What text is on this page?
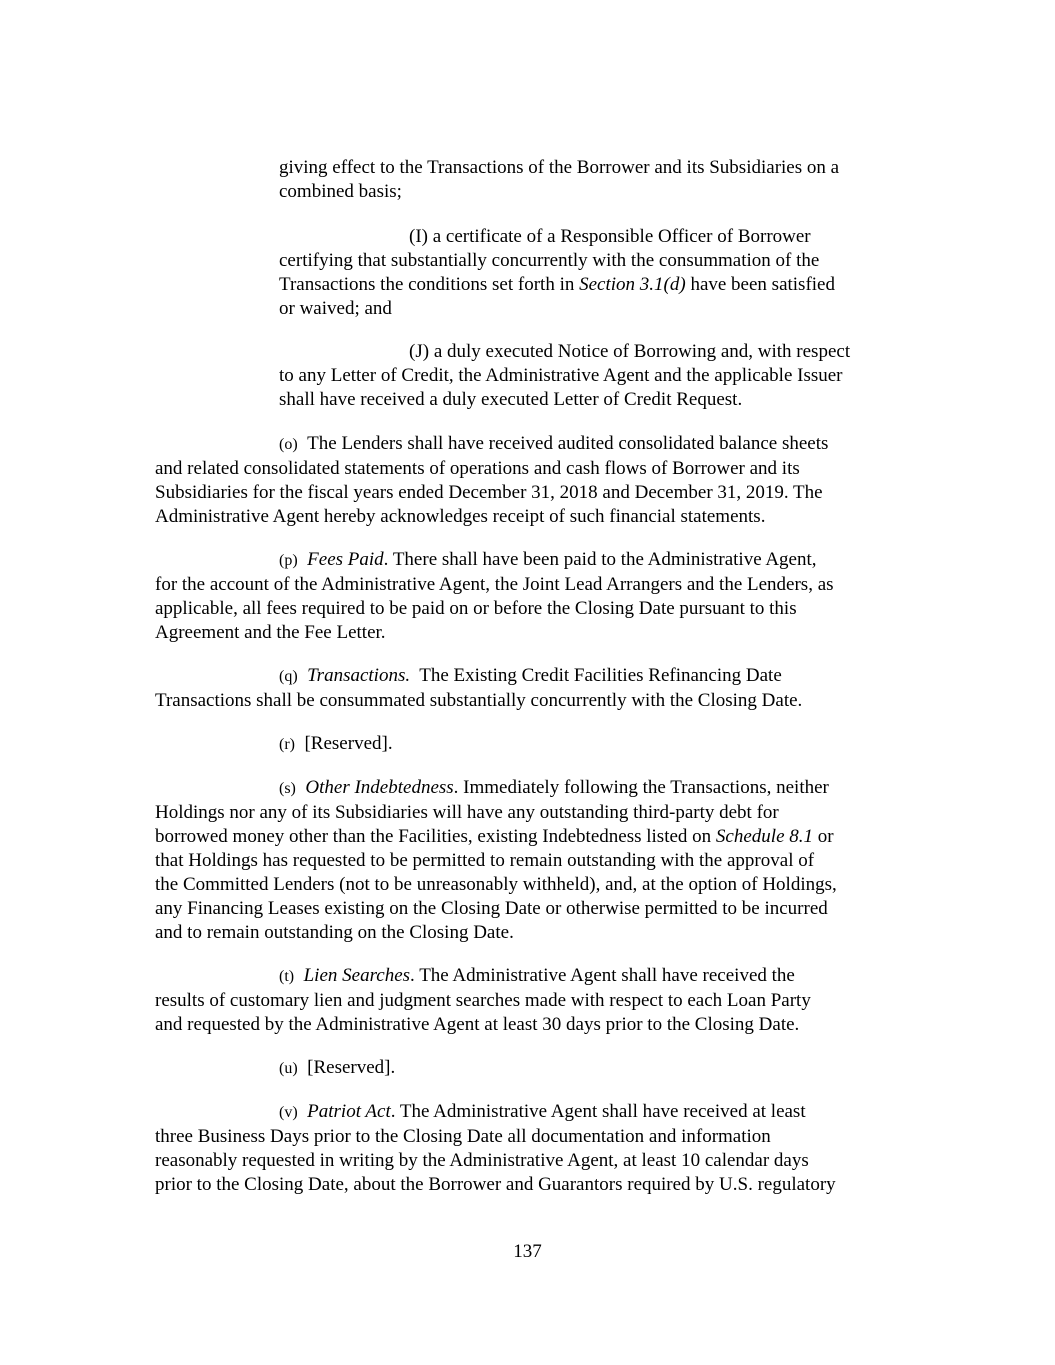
giving effect to the Transactions of the Borrower and its Subsidiaries on a
combined basis;

(I) a certificate of a Responsible Officer of Borrower
certifying that substantially concurrently with the consummation of the
Transactions the conditions set forth in Section 3.1(d) have been satisfied
or waived; and

(J) a duly executed Notice of Borrowing and, with respect
to any Letter of Credit, the Administrative Agent and the applicable Issuer
shall have received a duly executed Letter of Credit Request.

(o) The Lenders shall have received audited consolidated balance sheets
and related consolidated statements of operations and cash flows of Borrower and its
Subsidiaries for the fiscal years ended December 31, 2018 and December 31, 2019. The
Administrative Agent hereby acknowledges receipt of such financial statements.

(p) Fees Paid. There shall have been paid to the Administrative Agent,
for the account of the Administrative Agent, the Joint Lead Arrangers and the Lenders, as
applicable, all fees required to be paid on or before the Closing Date pursuant to this
Agreement and the Fee Letter.

(q) Transactions.  The Existing Credit Facilities Refinancing Date
Transactions shall be consummated substantially concurrently with the Closing Date.

(r) [Reserved].

(s) Other Indebtedness. Immediately following the Transactions, neither
Holdings nor any of its Subsidiaries will have any outstanding third-party debt for
borrowed money other than the Facilities, existing Indebtedness listed on Schedule 8.1 or
that Holdings has requested to be permitted to remain outstanding with the approval of
the Committed Lenders (not to be unreasonably withheld), and, at the option of Holdings,
any Financing Leases existing on the Closing Date or otherwise permitted to be incurred
and to remain outstanding on the Closing Date.

(t) Lien Searches. The Administrative Agent shall have received the
results of customary lien and judgment searches made with respect to each Loan Party
and requested by the Administrative Agent at least 30 days prior to the Closing Date.

(u) [Reserved].

(v) Patriot Act. The Administrative Agent shall have received at least
three Business Days prior to the Closing Date all documentation and information
reasonably requested in writing by the Administrative Agent, at least 10 calendar days
prior to the Closing Date, about the Borrower and Guarantors required by U.S. regulatory

137
